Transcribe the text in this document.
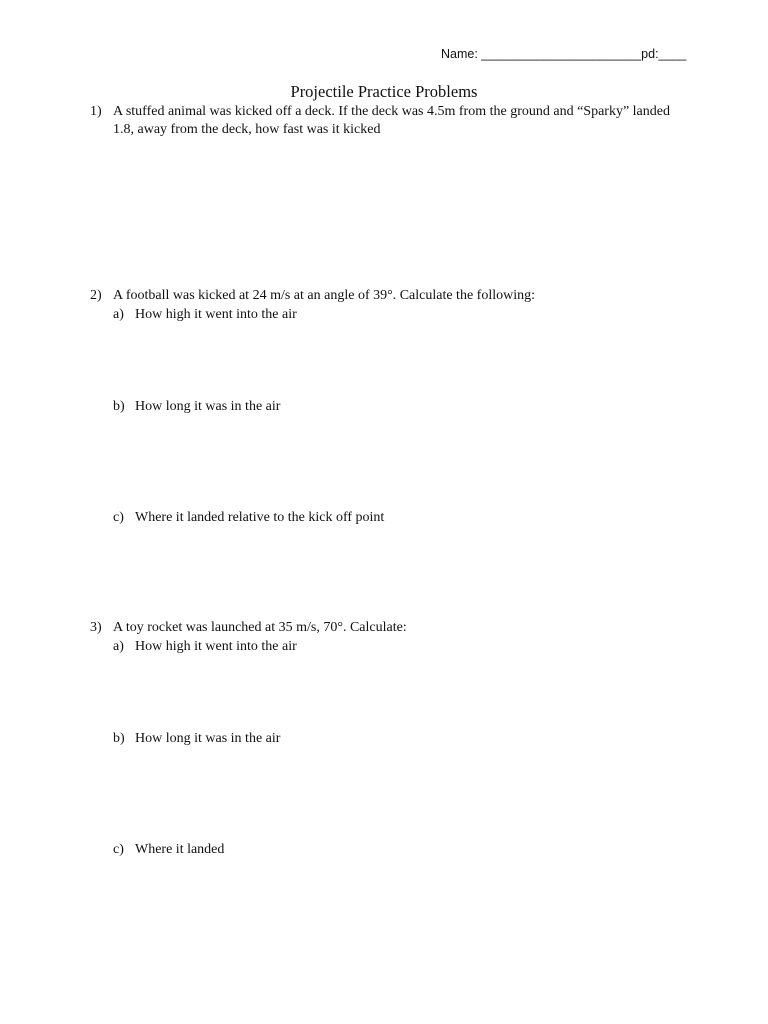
Name: _______________________pd:____
Projectile Practice Problems
1) A stuffed animal was kicked off a deck. If the deck was 4.5m from the ground and “Sparky” landed 1.8, away from the deck, how fast was it kicked
2) A football was kicked at 24 m/s at an angle of 39°. Calculate the following:
a) How high it went into the air
b) How long it was in the air
c) Where it landed relative to the kick off point
3) A toy rocket was launched at 35 m/s, 70°. Calculate:
a) How high it went into the air
b) How long it was in the air
c) Where it landed
